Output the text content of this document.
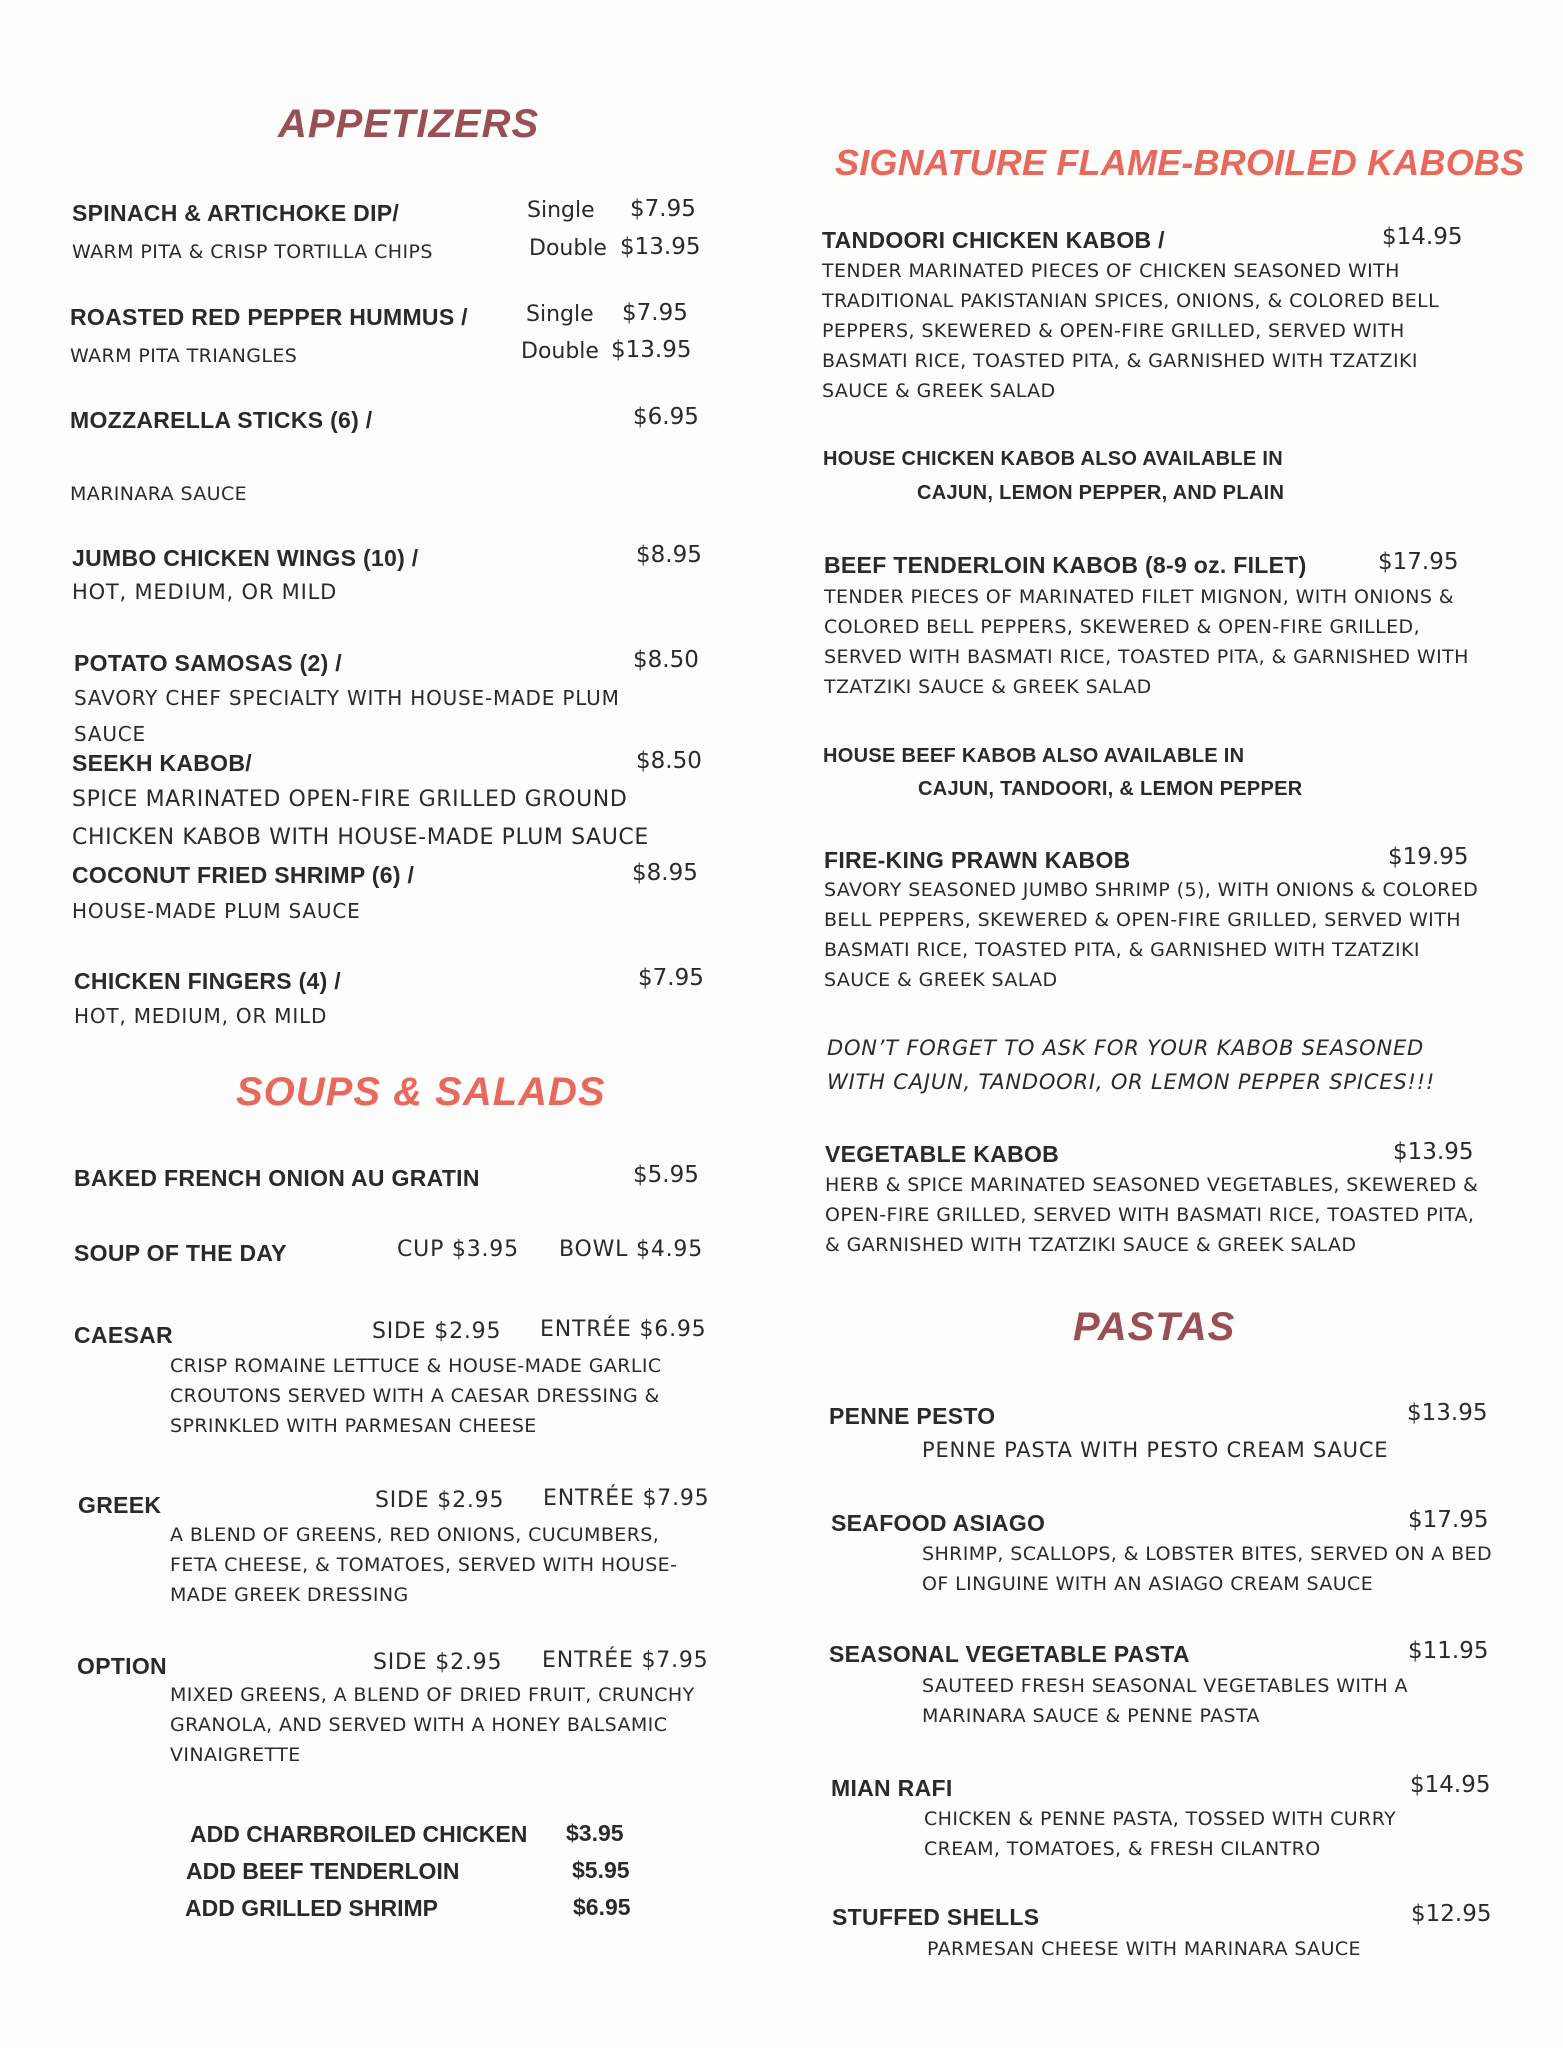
APPETIZERS
SPINACH & ARTICHOKE DIP/	Single $7.95
WARM PITA & CRISP TORTILLA CHIPS	Double $13.95
ROASTED RED PEPPER HUMMUS /	Single $7.95
WARM PITA TRIANGLES	Double $13.95
MOZZARELLA STICKS (6) /	$6.95
MARINARA SAUCE
JUMBO CHICKEN WINGS (10) /	$8.95
HOT, MEDIUM, OR MILD
POTATO SAMOSAS (2) /	$8.50
SAVORY CHEF SPECIALTY WITH HOUSE-MADE PLUM SAUCE
SEEKH KABOB/	$8.50
SPICE MARINATED OPEN-FIRE GRILLED GROUND CHICKEN KABOB WITH HOUSE-MADE PLUM SAUCE
COCONUT FRIED SHRIMP (6) /	$8.95
HOUSE-MADE PLUM SAUCE
CHICKEN FINGERS (4) /	$7.95
HOT, MEDIUM, OR MILD
SOUPS & SALADS
BAKED FRENCH ONION AU GRATIN	$5.95
SOUP OF THE DAY	CUP $3.95 BOWL $4.95
CAESAR	SIDE $2.95 ENTRÉE $6.95
CRISP ROMAINE LETTUCE & HOUSE-MADE GARLIC CROUTONS SERVED WITH A CAESAR DRESSING & SPRINKLED WITH PARMESAN CHEESE
GREEK	SIDE $2.95 ENTRÉE $7.95
A BLEND OF GREENS, RED ONIONS, CUCUMBERS, FETA CHEESE, & TOMATOES, SERVED WITH HOUSE-MADE GREEK DRESSING
OPTION	SIDE $2.95 ENTRÉE $7.95
MIXED GREENS, A BLEND OF DRIED FRUIT, CRUNCHY GRANOLA, AND SERVED WITH A HONEY BALSAMIC VINAIGRETTE
ADD CHARBROILED CHICKEN $3.95
ADD BEEF TENDERLOIN	$5.95
ADD GRILLED SHRIMP	$6.95
SIGNATURE FLAME-BROILED KABOBS
TANDOORI CHICKEN KABOB /	$14.95
TENDER MARINATED PIECES OF CHICKEN SEASONED WITH TRADITIONAL PAKISTANIAN SPICES, ONIONS, & COLORED BELL PEPPERS, SKEWERED & OPEN-FIRE GRILLED, SERVED WITH BASMATI RICE, TOASTED PITA, & GARNISHED WITH TZATZIKI SAUCE & GREEK SALAD
HOUSE CHICKEN KABOB ALSO AVAILABLE IN
CAJUN, LEMON PEPPER, AND PLAIN
BEEF TENDERLOIN KABOB (8-9 oz. FILET)	$17.95
TENDER PIECES OF MARINATED FILET MIGNON, WITH ONIONS & COLORED BELL PEPPERS, SKEWERED & OPEN-FIRE GRILLED, SERVED WITH BASMATI RICE, TOASTED PITA, & GARNISHED WITH TZATZIKI SAUCE & GREEK SALAD
HOUSE BEEF KABOB ALSO AVAILABLE IN
CAJUN, TANDOORI, & LEMON PEPPER
FIRE-KING PRAWN KABOB	$19.95
SAVORY SEASONED JUMBO SHRIMP (5), WITH ONIONS & COLORED BELL PEPPERS, SKEWERED & OPEN-FIRE GRILLED, SERVED WITH BASMATI RICE, TOASTED PITA, & GARNISHED WITH TZATZIKI SAUCE & GREEK SALAD
DON’T FORGET TO ASK FOR YOUR KABOB SEASONED
WITH CAJUN, TANDOORI, OR LEMON PEPPER SPICES!!!
VEGETABLE KABOB	$13.95
HERB & SPICE MARINATED SEASONED VEGETABLES, SKEWERED & OPEN-FIRE GRILLED, SERVED WITH BASMATI RICE, TOASTED PITA, & GARNISHED WITH TZATZIKI SAUCE & GREEK SALAD
PASTAS
PENNE PESTO	$13.95
PENNE PASTA WITH PESTO CREAM SAUCE
SEAFOOD ASIAGO	$17.95
SHRIMP, SCALLOPS, & LOBSTER BITES, SERVED ON A BED OF LINGUINE WITH AN ASIAGO CREAM SAUCE
SEASONAL VEGETABLE PASTA	$11.95
SAUTEED FRESH SEASONAL VEGETABLES WITH A MARINARA SAUCE & PENNE PASTA
MIAN RAFI	$14.95
CHICKEN & PENNE PASTA, TOSSED WITH CURRY CREAM, TOMATOES, & FRESH CILANTRO
STUFFED SHELLS	$12.95
PARMESAN CHEESE WITH MARINARA SAUCE
